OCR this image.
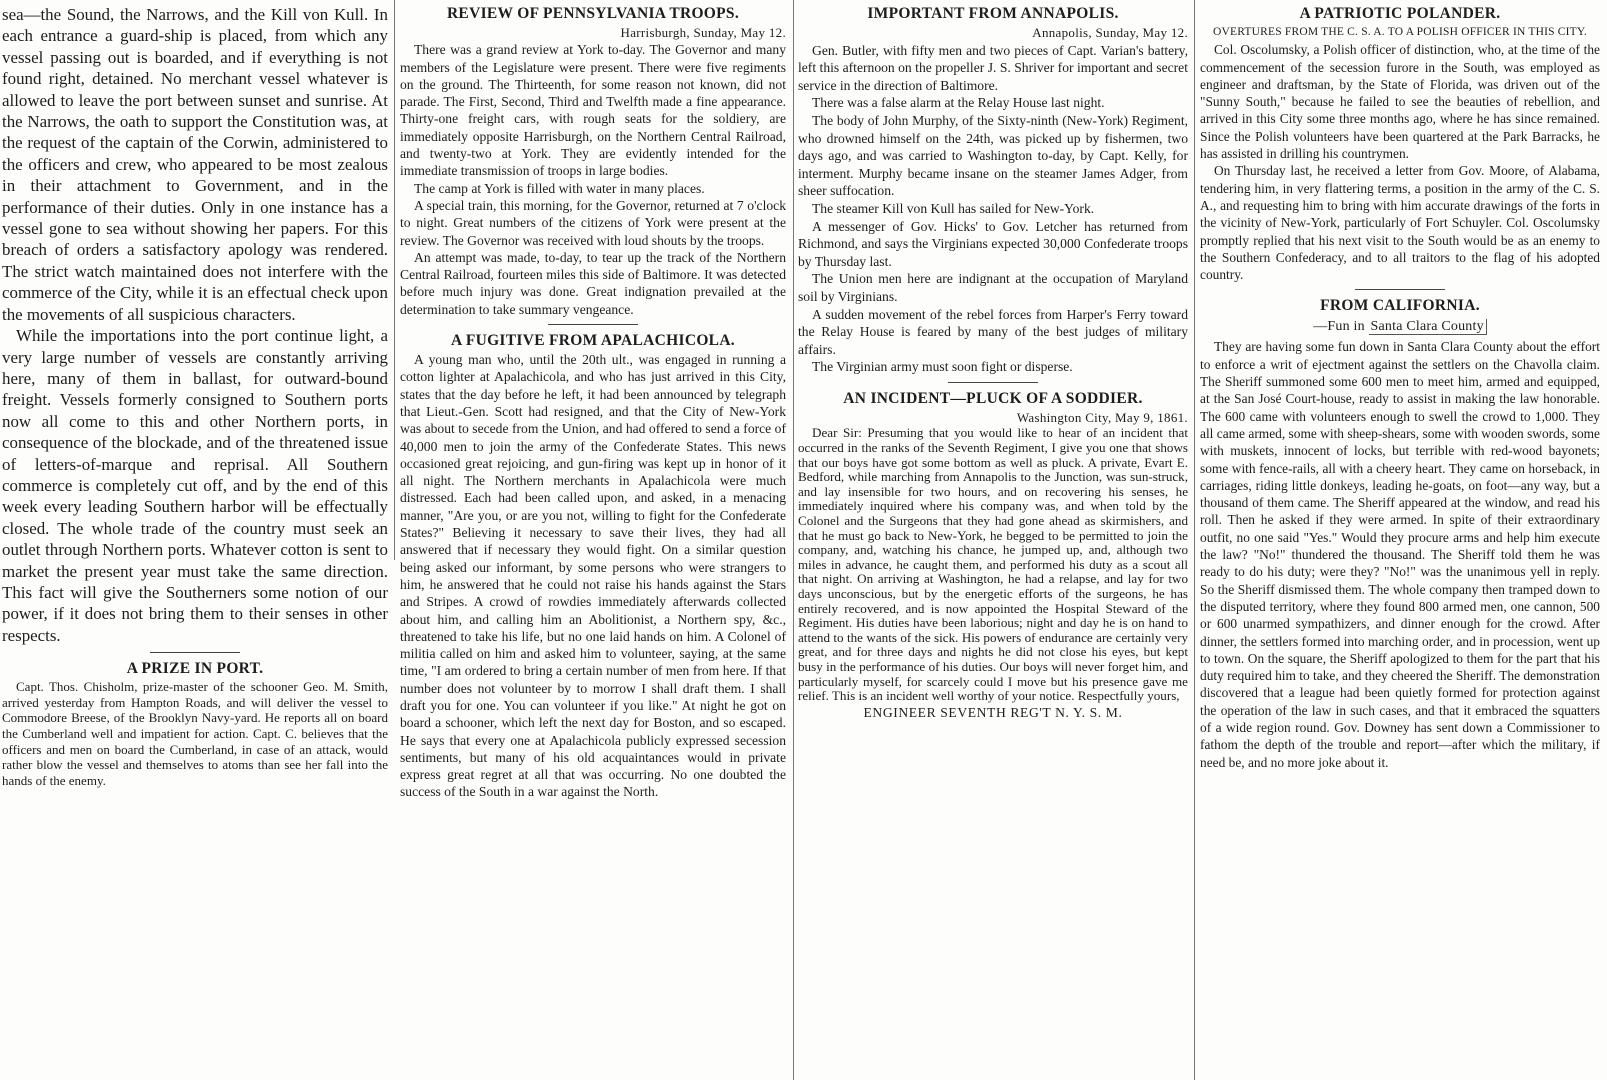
sea—the Sound, the Narrows, and the Kill von Kull. In each entrance a guard-ship is placed, from which any vessel passing out is boarded, and if everything is not found right, detained. No merchant vessel whatever is allowed to leave the port between sunset and sunrise. At the Narrows, the oath to support the Constitution was, at the request of the captain of the Corwin, administered to the officers and crew, who appeared to be most zealous in their attachment to Government, and in the performance of their duties. Only in one instance has a vessel gone to sea without showing her papers. For this breach of orders a satisfactory apology was rendered. The strict watch maintained does not interfere with the commerce of the City, while it is an effectual check upon the movements of all suspicious characters.

While the importations into the port continue light, a very large number of vessels are constantly arriving here, many of them in ballast, for outward-bound freight. Vessels formerly consigned to Southern ports now all come to this and other Northern ports, in consequence of the blockade, and of the threatened issue of letters-of-marque and reprisal. All Southern commerce is completely cut off, and by the end of this week every leading Southern harbor will be effectually closed. The whole trade of the country must seek an outlet through Northern ports. Whatever cotton is sent to market the present year must take the same direction. This fact will give the Southerners some notion of our power, if it does not bring them to their senses in other respects.

A PRIZE IN PORT.

Capt. Thos. Chisholm, prize-master of the schooner Geo. M. Smith, arrived yesterday from Hampton Roads, and will deliver the vessel to Commodore Breese, of the Brooklyn Navy-yard. He reports all on board the Cumberland well and impatient for action. Capt. C. believes that the officers and men on board the Cumberland, in case of an attack, would rather blow the vessel and themselves to atoms than see her fall into the hands of the enemy.

REVIEW OF PENNSYLVANIA TROOPS.

Harrisburgh, Sunday, May 12.

There was a grand review at York to-day. The Governor and many members of the Legislature were present. There were five regiments on the ground. The Thirteenth, for some reason not known, did not parade. The First, Second, Third and Twelfth made a fine appearance. Thirty-one freight cars, with rough seats for the soldiery, are immediately opposite Harrisburgh, on the Northern Central Railroad, and twenty-two at York. They are evidently intended for the immediate transmission of troops in large bodies.

The camp at York is filled with water in many places.

A special train, this morning, for the Governor, returned at 7 o'clock to night. Great numbers of the citizens of York were present at the review. The Governor was received with loud shouts by the troops.

An attempt was made, to-day, to tear up the track of the Northern Central Railroad, fourteen miles this side of Baltimore. It was detected before much injury was done. Great indignation prevailed at the determination to take summary vengeance.

A FUGITIVE FROM APALACHICOLA.

A young man who, until the 20th ult., was engaged in running a cotton lighter at Apalachicola, and who has just arrived in this City, states that the day before he left, it had been announced by telegraph that Lieut.-Gen. Scott had resigned, and that the City of New-York was about to secede from the Union, and had offered to send a force of 40,000 men to join the army of the Confederate States. This news occasioned great rejoicing, and gun-firing was kept up in honor of it all night. The Northern merchants in Apalachicola were much distressed. Each had been called upon, and asked, in a menacing manner, "Are you, or are you not, willing to fight for the Confederate States?" Believing it necessary to save their lives, they had all answered that if necessary they would fight. On a similar question being asked our informant, by some persons who were strangers to him, he answered that he could not raise his hands against the Stars and Stripes. A crowd of rowdies immediately afterwards collected about him, and calling him an Abolitionist, a Northern spy, &c., threatened to take his life, but no one laid hands on him. A Colonel of militia called on him and asked him to volunteer, saying, at the same time, "I am ordered to bring a certain number of men from here. If that number does not volunteer by to morrow I shall draft them. I shall draft you for one. You can volunteer if you like." At night he got on board a schooner, which left the next day for Boston, and so escaped. He says that every one at Apalachicola publicly expressed secession sentiments, but many of his old acquaintances would in private express great regret at all that was occurring. No one doubted the success of the South in a war against the North.

IMPORTANT FROM ANNAPOLIS.

Annapolis, Sunday, May 12.

Gen. Butler, with fifty men and two pieces of Capt. Varian's battery, left this afternoon on the propeller J. S. Shriver for important and secret service in the direction of Baltimore.

There was a false alarm at the Relay House last night.

The body of John Murphy, of the Sixty-ninth (New-York) Regiment, who drowned himself on the 24th, was picked up by fishermen, two days ago, and was carried to Washington to-day, by Capt. Kelly, for interment. Murphy became insane on the steamer James Adger, from sheer suffocation.

The steamer Kill von Kull has sailed for New-York.

A messenger of Gov. Hicks' to Gov. Letcher has returned from Richmond, and says the Virginians expected 30,000 Confederate troops by Thursday last.

The Union men here are indignant at the occupation of Maryland soil by Virginians.

A sudden movement of the rebel forces from Harper's Ferry toward the Relay House is feared by many of the best judges of military affairs.

The Virginian army must soon fight or disperse.

AN INCIDENT—PLUCK OF A SODDIER.

Washington City, May 9, 1861.

Dear Sir: Presuming that you would like to hear of an incident that occurred in the ranks of the Seventh Regiment, I give you one that shows that our boys have got some bottom as well as pluck. A private, Evart E. Bedford, while marching from Annapolis to the Junction, was sun-struck, and lay insensible for two hours, and on recovering his senses, he immediately inquired where his company was, and when told by the Colonel and the Surgeons that they had gone ahead as skirmishers, and that he must go back to New-York, he begged to be permitted to join the company, and, watching his chance, he jumped up, and, although two miles in advance, he caught them, and performed his duty as a scout all that night. On arriving at Washington, he had a relapse, and lay for two days unconscious, but by the energetic efforts of the surgeons, he has entirely recovered, and is now appointed the Hospital Steward of the Regiment. His duties have been laborious; night and day he is on hand to attend to the wants of the sick. His powers of endurance are certainly very great, and for three days and nights he did not close his eyes, but kept busy in the performance of his duties. Our boys will never forget him, and particularly myself, for scarcely could I move but his presence gave me relief. This is an incident well worthy of your notice. Respectfully yours,

ENGINEER SEVENTH REG'T N. Y. S. M.

A PATRIOTIC POLANDER.

OVERTURES FROM THE C. S. A. TO A POLISH OFFICER IN THIS CITY.

Col. Oscolumsky, a Polish officer of distinction, who, at the time of the commencement of the secession furore in the South, was employed as engineer and draftsman, by the State of Florida, was driven out of the "Sunny South," because he failed to see the beauties of rebellion, and arrived in this City some three months ago, where he has since remained. Since the Polish volunteers have been quartered at the Park Barracks, he has assisted in drilling his countrymen.

On Thursday last, he received a letter from Gov. Moore, of Alabama, tendering him, in very flattering terms, a position in the army of the C. S. A., and requesting him to bring with him accurate drawings of the forts in the vicinity of New-York, particularly of Fort Schuyler. Col. Oscolumsky promptly replied that his next visit to the South would be as an enemy to the Southern Confederacy, and to all traitors to the flag of his adopted country.

FROM CALIFORNIA.

—Fun in Santa Clara County

They are having some fun down in Santa Clara County about the effort to enforce a writ of ejectment against the settlers on the Chavolla claim. The Sheriff summoned some 600 men to meet him, armed and equipped, at the San José Court-house, ready to assist in making the law honorable. The 600 came with volunteers enough to swell the crowd to 1,000. They all came armed, some with sheep-shears, some with wooden swords, some with muskets, innocent of locks, but terrible with red-wood bayonets; some with fence-rails, all with a cheery heart. They came on horseback, in carriages, riding little donkeys, leading he-goats, on foot—any way, but a thousand of them came. The Sheriff appeared at the window, and read his roll. Then he asked if they were armed. In spite of their extraordinary outfit, no one said "Yes." Would they procure arms and help him execute the law? "No!" thundered the thousand. The Sheriff told them he was ready to do his duty; were they? "No!" was the unanimous yell in reply. So the Sheriff dismissed them. The whole company then tramped down to the disputed territory, where they found 800 armed men, one cannon, 500 or 600 unarmed sympathizers, and dinner enough for the crowd. After dinner, the settlers formed into marching order, and in procession, went up to town. On the square, the Sheriff apologized to them for the part that his duty required him to take, and they cheered the Sheriff. The demonstration discovered that a league had been quietly formed for protection against the operation of the law in such cases, and that it embraced the squatters of a wide region round. Gov. Downey has sent down a Commissioner to fathom the depth of the trouble and report—after which the military, if need be, and no more joke about it.
